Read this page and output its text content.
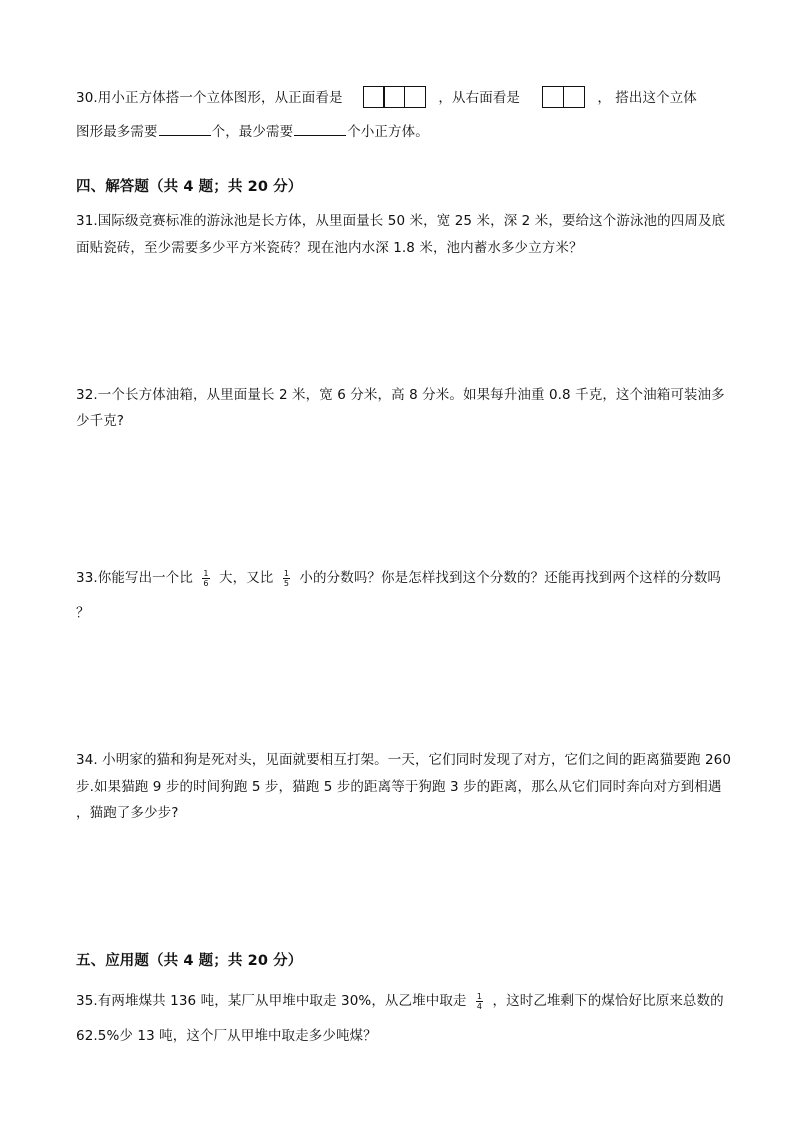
30.用小正方体搭一个立体图形，从正面看是	，从右面看是	， 搭出这个立体
图形最多需要	个，最少需要	个小正方体。
四、解答题（共 4 题；共 20 分）
31.国际级竞赛标准的游泳池是长方体，从里面量长 50 米，宽 25 米，深 2 米，要给这个游泳池的四周及底
面贴瓷砖，至少需要多少平方米瓷砖？现在池内水深 1.8 米，池内蓄水多少立方米？
32.一个长方体油箱，从里面量长 2 米，宽 6 分米，高 8 分米。如果每升油重 0.8 千克，这个油箱可装油多
少千克?
33.你能写出一个比 $\frac{1}{6}$ 大，又比 $\frac{1}{5}$ 小的分数吗？你是怎样找到这个分数的？还能再找到两个这样的分数吗
？
34. 小明家的猫和狗是死对头，见面就要相互打架。一天，它们同时发现了对方，它们之间的距离猫要跑 260
步.如果猫跑 9 步的时间狗跑 5 步，猫跑 5 步的距离等于狗跑 3 步的距离，那么从它们同时奔向对方到相遇
，猫跑了多少步?
五、应用题（共 4 题；共 20 分）
35.有两堆煤共 136 吨，某厂从甲堆中取走 30%，从乙堆中取走 $\frac{1}{4}$ ，这时乙堆剩下的煤恰好比原来总数的
62.5%少 13 吨，这个厂从甲堆中取走多少吨煤？
